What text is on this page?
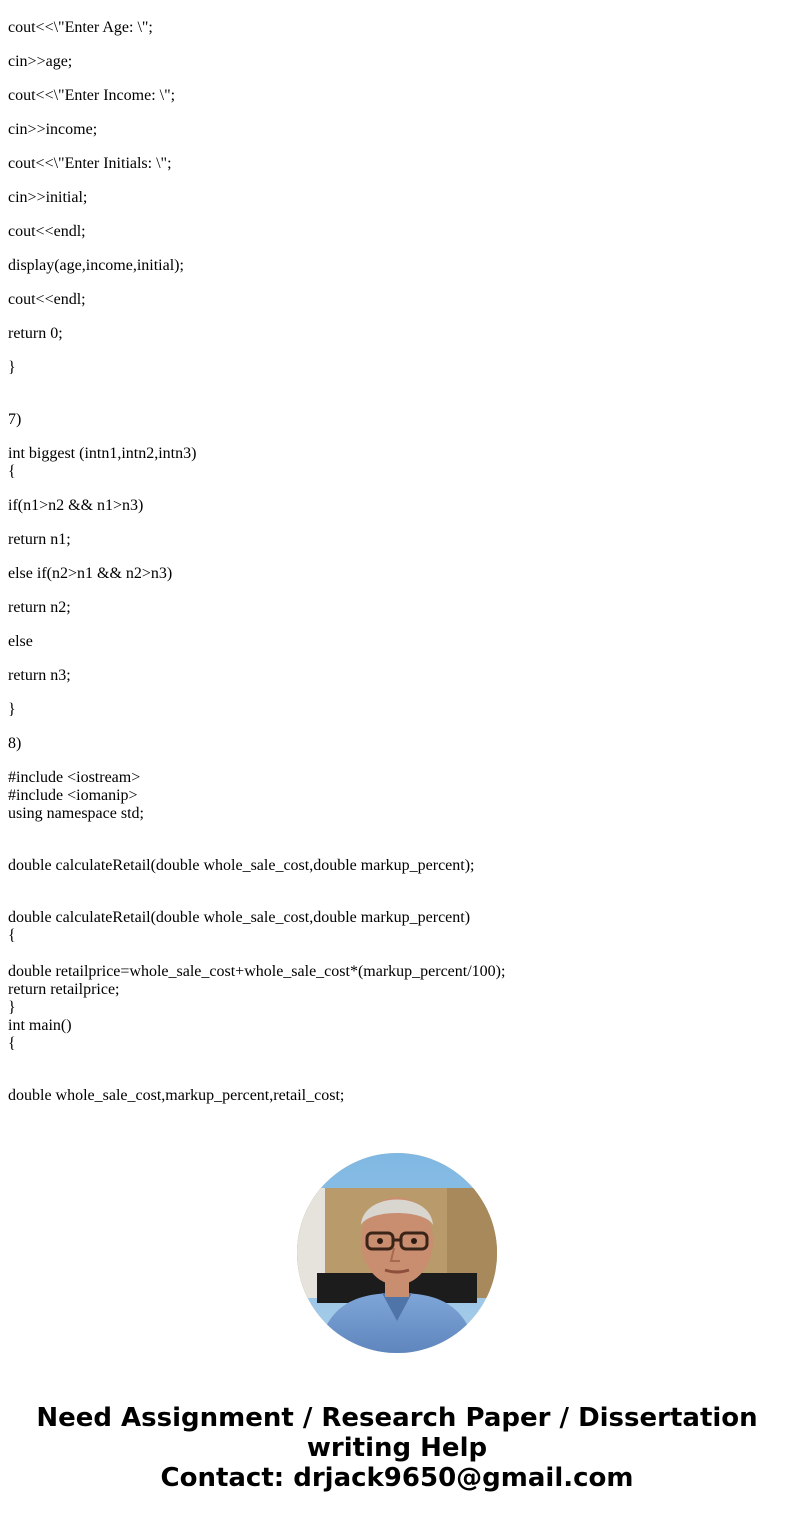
cout<<\"Enter Age: \";

cin>>age;

cout<<\"Enter Income: \";

cin>>income;

cout<<\"Enter Initials: \";

cin>>initial;

cout<<endl;

display(age,income,initial);

cout<<endl;

return 0;

}

7)

int biggest (intn1,intn2,intn3)

{

if(n1>n2 && n1>n3)

return n1;

else if(n2>n1 && n2>n3)

return n2;

else

return n3;

}

8)

#include <iostream>

#include <iomanip>

using namespace std;

double calculateRetail(double whole_sale_cost,double markup_percent);

double calculateRetail(double whole_sale_cost,double markup_percent)

{

double retailprice=whole_sale_cost+whole_sale_cost*(markup_percent/100);

return retailprice;

}

int main()

{

double whole_sale_cost,markup_percent,retail_cost;

Need Assignment / Research Paper / Dissertation
writing Help
Contact: drjack9650@gmail.com
